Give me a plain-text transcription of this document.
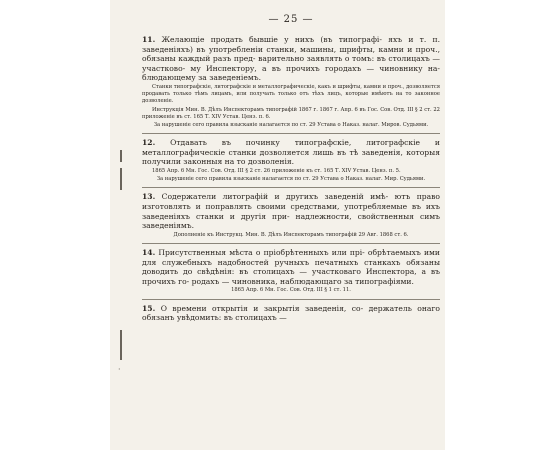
·
— 25 —

11. Желающіе продать бывшіе у нихъ (въ типографі- яхъ и т. п. заведеніяхъ) въ употребленіи станки, машины, шрифты, камни и проч., обязаны каждый разъ пред- варительно заявлять о томъ: въ столицахъ — участково- му Инспектору, а въ прочихъ городахъ — чиновнику на- блюдающему за заведеніемъ.

Станки типографскіе, литографскіе и металлографическіе, какъ и шрифты, камни и проч., дозволяется продавать только тѣмъ лицамъ, или получать только отъ тѣхъ лицъ, которые имѣютъ на то законное дозволеніе.

Инструкція Мин. В. Дѣлъ Инспекторамъ типографій 1867 г. 1867 г. Апр. 6 въ Гос. Сов. Отд. III § 2 ст. 22 приложеніе въ ст. 165 Т. XIV Устав. Ценз. п. 6.

За нарушеніе сего правила взысканіе налагается по ст. 29 Устава о Наказ. налаг. Миров. Судьями.

12. Отдавать въ починку типографскіе, литографскіе и металлографическіе станки дозволяется лишь въ тѣ заведенія, которыя получили законныя на то дозволенія.

1865 Апр. 6 Мн. Гос. Сов. Отд. III § 2 ст. 26 приложеніе къ ст. 165 Т. XIV Устав. Ценз. п. 5.

За нарушеніе сего правила взысканіе налагается по ст. 29 Устава о Наказ. налаг. Мир. Судьями.

13. Содержатели литографій и другихъ заведеній имѣ- ютъ право изготовлять и поправлять своими средствами, употребляемые въ ихъ заведеніяхъ станки и другія при- надлежности, свойственныя симъ заведеніямъ.

Дополненіе къ Инструкц. Мин. В. Дѣлъ Инспекторамъ типографій 29 Авг. 1868 ст. 6.

14. Присутственныя мѣста о пріобрѣтенныхъ или прі- обрѣтаемыхъ ими для служебныхъ надобностей ручныхъ печатныхъ станкахъ обязаны доводить до свѣдѣнія: въ столицахъ — участковаго Инспектора, а въ прочихъ го- родахъ — чиновника, наблюдающаго за типографіями.

1865 Апр. 6 Мн. Гос. Сов. Отд. III § 1 ст. 11.

15. О времени открытія и закрытія заведенія, со- держатель онаго обязанъ увѣдомить: въ столицахъ —
